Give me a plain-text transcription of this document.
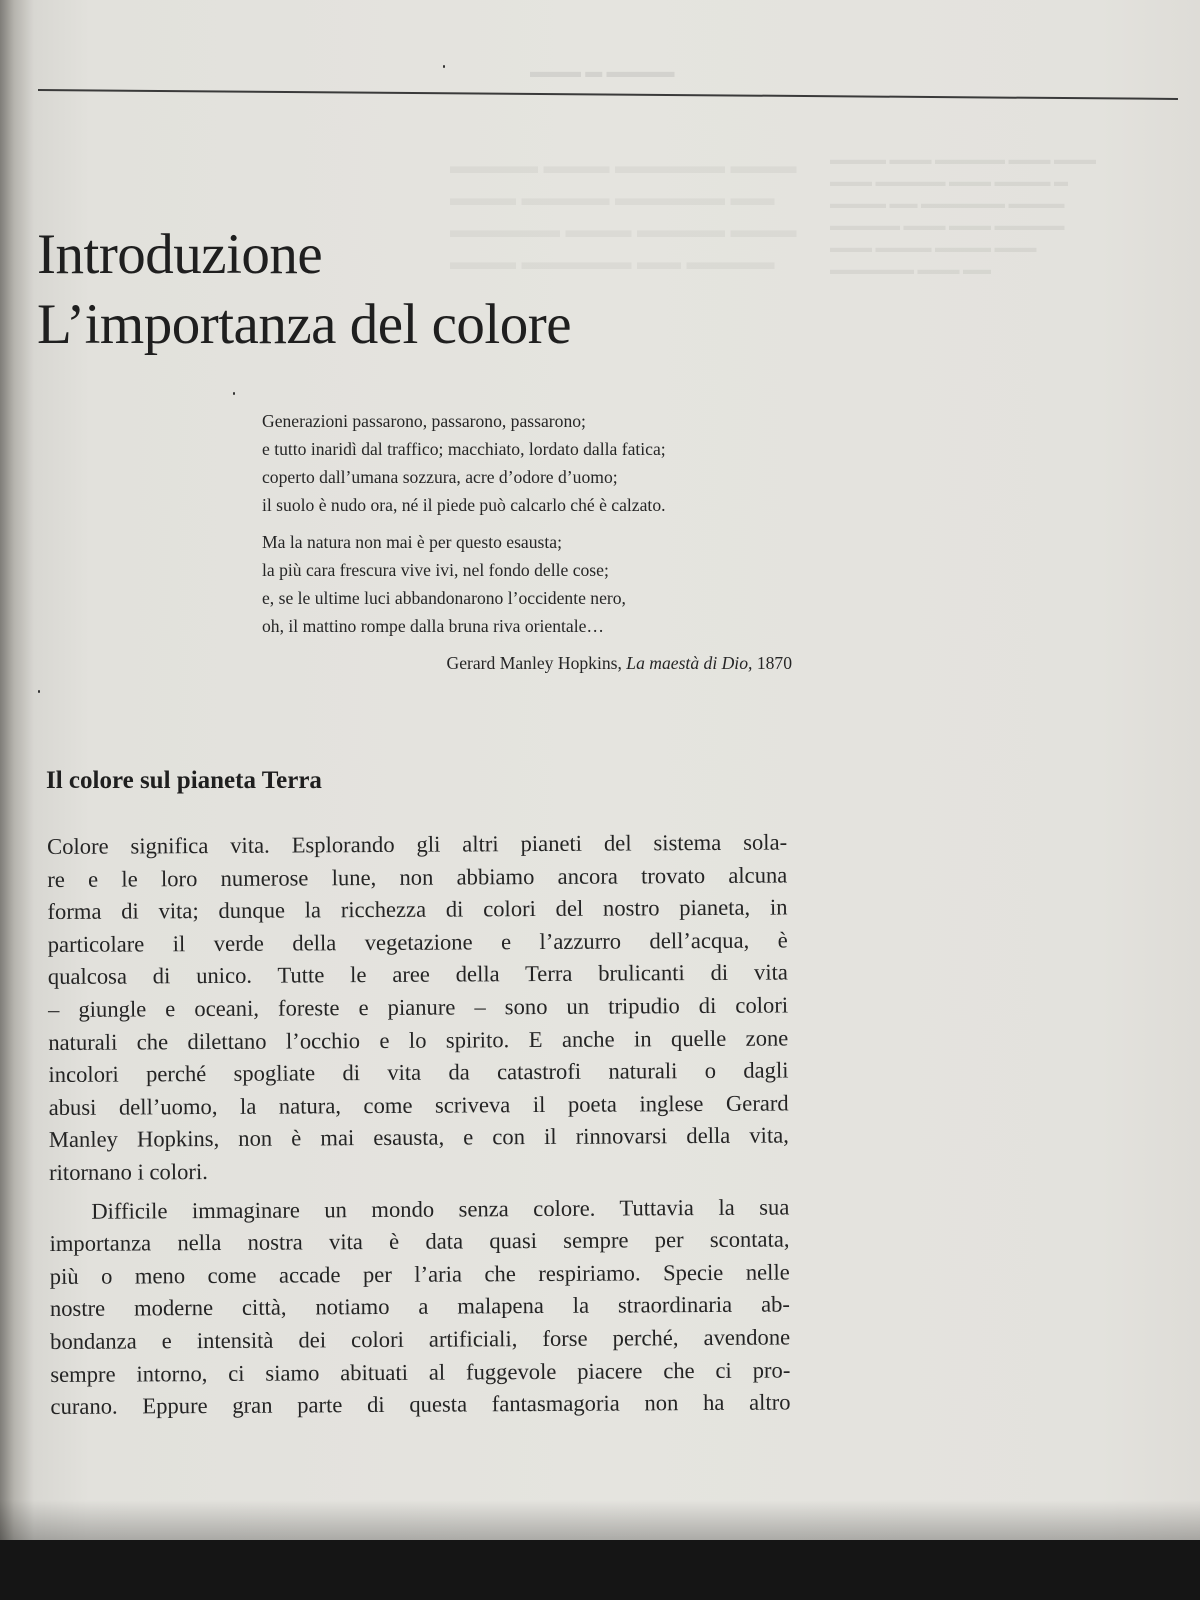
▬▬▬ ▬ ▬▬▬▬
▬▬▬▬ ▬▬▬ ▬▬▬▬▬ ▬▬▬
▬▬▬ ▬▬▬▬ ▬▬▬▬▬ ▬▬
▬▬▬▬▬ ▬▬▬ ▬▬▬▬ ▬▬▬
▬▬▬ ▬▬▬▬▬ ▬▬ ▬▬▬▬
▬▬▬▬ ▬▬▬ ▬▬▬▬▬ ▬▬▬ ▬▬▬
▬▬▬ ▬▬▬▬▬ ▬▬▬ ▬▬▬▬ ▬
▬▬▬▬ ▬▬ ▬▬▬▬▬▬ ▬▬▬▬
▬▬▬▬▬ ▬▬▬ ▬▬▬ ▬▬▬▬▬
▬▬▬ ▬▬▬▬ ▬▬▬▬ ▬▬▬
▬▬▬▬▬▬ ▬▬▬ ▬▬
Introduzione
L’importanza del colore
Generazioni passarono, passarono, passarono;
e tutto inaridì dal traffico; macchiato, lordato dalla fatica;
coperto dall’umana sozzura, acre d’odore d’uomo;
il suolo è nudo ora, né il piede può calcarlo ché è calzato.
Ma la natura non mai è per questo esausta;
la più cara frescura vive ivi, nel fondo delle cose;
e, se le ultime luci abbandonarono l’occidente nero,
oh, il mattino rompe dalla bruna riva orientale…
Gerard Manley Hopkins, La maestà di Dio, 1870
Il colore sul pianeta Terra
Colore significa vita. Esplorando gli altri pianeti del sistema sola-
re e le loro numerose lune, non abbiamo ancora trovato alcuna
forma di vita; dunque la ricchezza di colori del nostro pianeta, in
particolare il verde della vegetazione e l’azzurro dell’acqua, è
qualcosa di unico. Tutte le aree della Terra brulicanti di vita
– giungle e oceani, foreste e pianure – sono un tripudio di colori
naturali che dilettano l’occhio e lo spirito. E anche in quelle zone
incolori perché spogliate di vita da catastrofi naturali o dagli
abusi dell’uomo, la natura, come scriveva il poeta inglese Gerard
Manley Hopkins, non è mai esausta, e con il rinnovarsi della vita,
ritornano i colori.
Difficile immaginare un mondo senza colore. Tuttavia la sua
importanza nella nostra vita è data quasi sempre per scontata,
più o meno come accade per l’aria che respiriamo. Specie nelle
nostre moderne città, notiamo a malapena la straordinaria ab-
bondanza e intensità dei colori artificiali, forse perché, avendone
sempre intorno, ci siamo abituati al fuggevole piacere che ci pro-
curano. Eppure gran parte di questa fantasmagoria non ha altro
